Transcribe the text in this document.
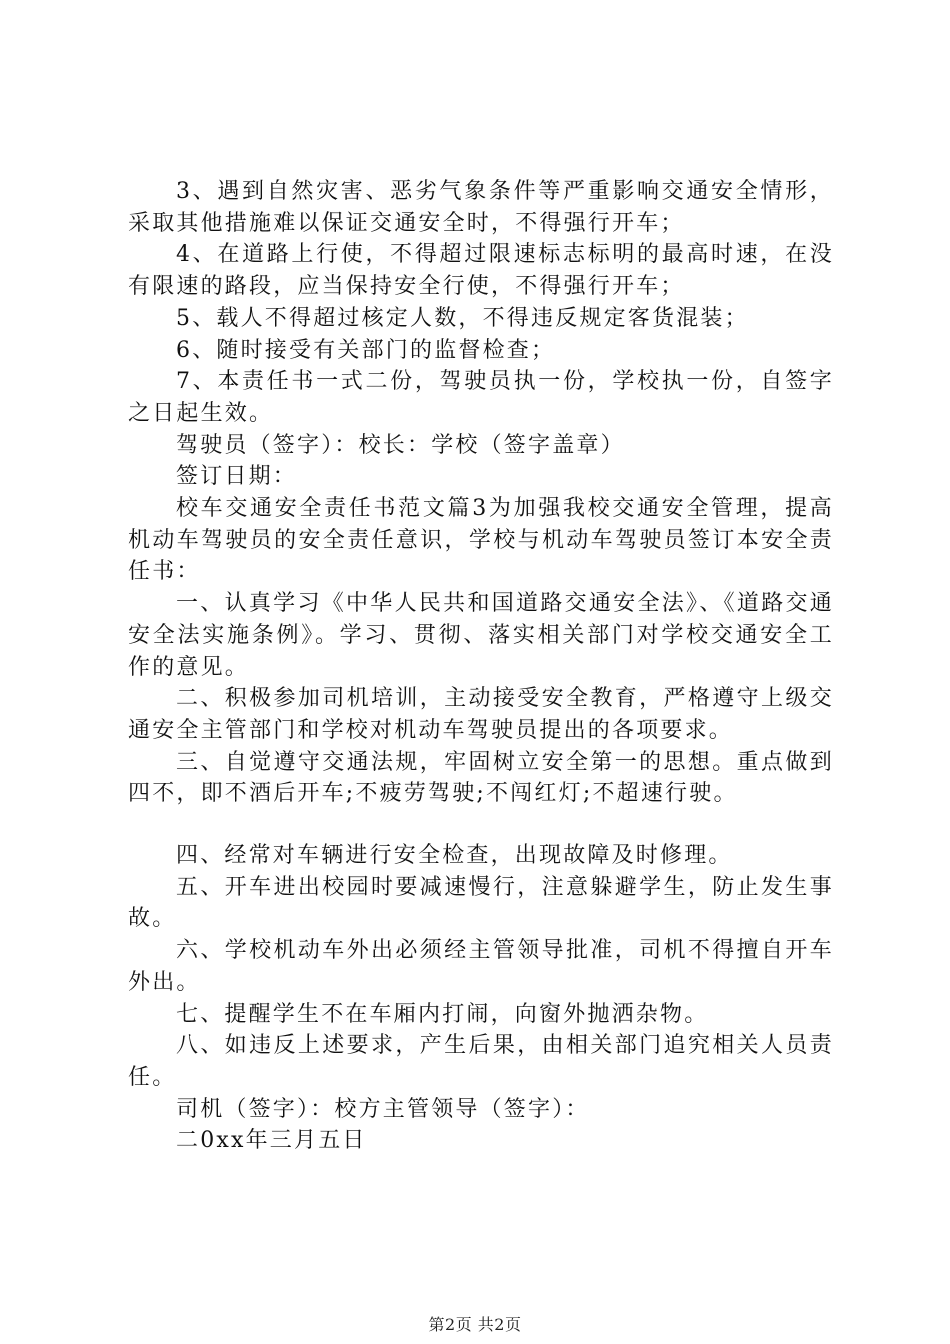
3、遇到自然灾害、恶劣气象条件等严重影响交通安全情形，采取其他措施难以保证交通安全时，不得强行开车；

4、在道路上行使，不得超过限速标志标明的最高时速，在没有限速的路段，应当保持安全行使，不得强行开车；

5、载人不得超过核定人数，不得违反规定客货混装；

6、随时接受有关部门的监督检查；

7、本责任书一式二份，驾驶员执一份，学校执一份，自签字之日起生效。

驾驶员（签字）：校长：学校（签字盖章）

签订日期：

校车交通安全责任书范文篇3为加强我校交通安全管理，提高机动车驾驶员的安全责任意识，学校与机动车驾驶员签订本安全责任书：

一、认真学习《中华人民共和国道路交通安全法》、《道路交通安全法实施条例》。学习、贯彻、落实相关部门对学校交通安全工作的意见。

二、积极参加司机培训，主动接受安全教育，严格遵守上级交通安全主管部门和学校对机动车驾驶员提出的各项要求。

三、自觉遵守交通法规，牢固树立安全第一的思想。重点做到四不，即不酒后开车;不疲劳驾驶;不闯红灯;不超速行驶。

四、经常对车辆进行安全检查，出现故障及时修理。

五、开车进出校园时要减速慢行，注意躲避学生，防止发生事故。

六、学校机动车外出必须经主管领导批准，司机不得擅自开车外出。

七、提醒学生不在车厢内打闹，向窗外抛洒杂物。

八、如违反上述要求，产生后果，由相关部门追究相关人员责任。

司机（签字）：校方主管领导（签字）：

二0xx年三月五日

第2页 共2页
